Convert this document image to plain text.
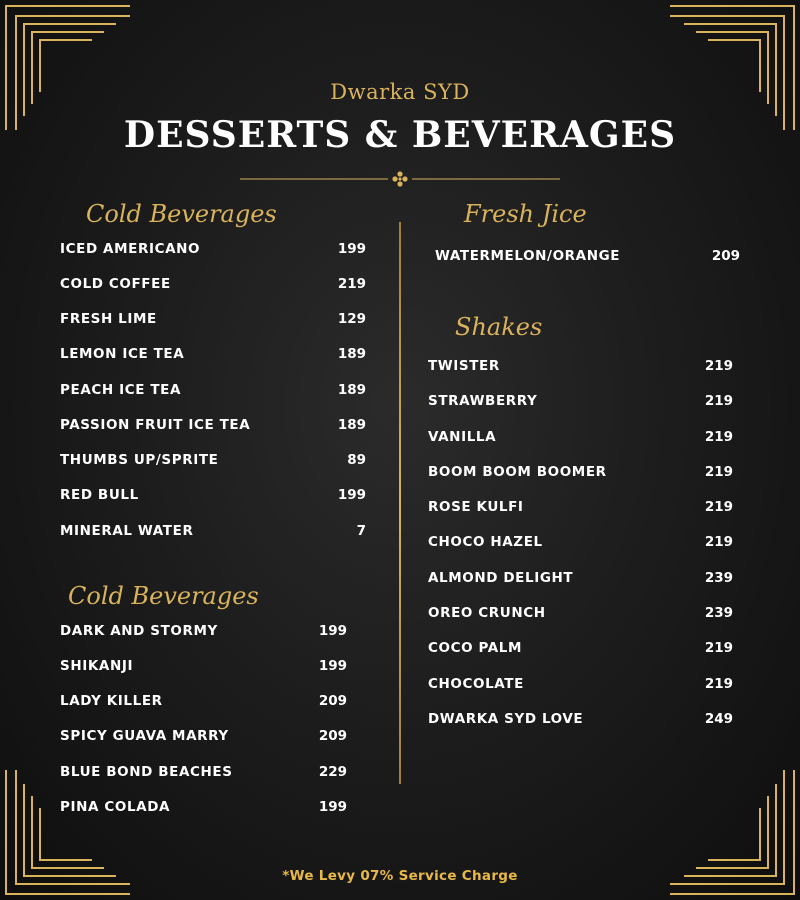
Dwarka SYD
DESSERTS & BEVERAGES
Cold Beverages
ICED AMERICANO	199
COLD COFFEE	219
FRESH LIME	129
LEMON ICE TEA	189
PEACH ICE TEA	189
PASSION FRUIT ICE TEA	189
THUMBS UP/SPRITE	89
RED BULL	199
MINERAL WATER	7
Cold Beverages
DARK AND STORMY	199
SHIKANJI	199
LADY KILLER	209
SPICY GUAVA MARRY	209
BLUE BOND BEACHES	229
PINA COLADA	199
Fresh Jice
WATERMELON/ORANGE	209
Shakes
TWISTER	219
STRAWBERRY	219
VANILLA	219
BOOM BOOM BOOMER	219
ROSE KULFI	219
CHOCO HAZEL	219
ALMOND DELIGHT	239
OREO CRUNCH	239
COCO PALM	219
CHOCOLATE	219
DWARKA SYD LOVE	249
*We Levy 07% Service Charge
